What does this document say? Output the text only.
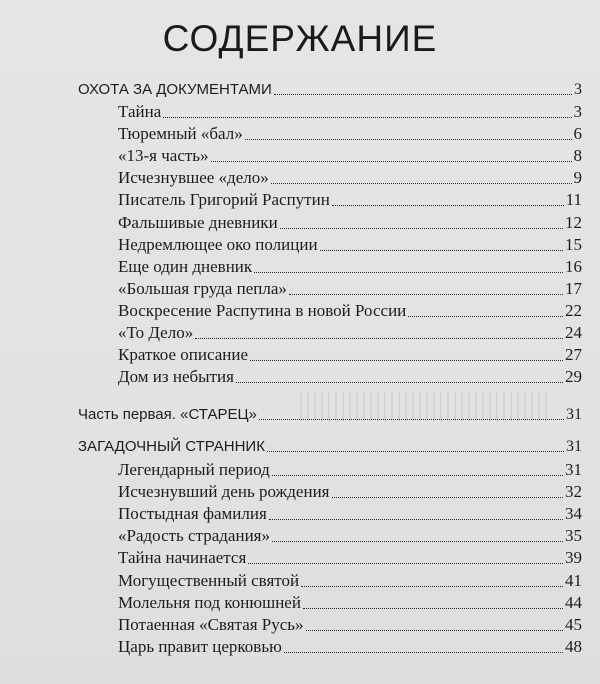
СОДЕРЖАНИЕ
ОХОТА ЗА ДОКУМЕНТАМИ	3
Тайна	3
Тюремный «бал»	6
«13-я часть»	8
Исчезнувшее «дело»	9
Писатель Григорий Распутин	11
Фальшивые дневники	12
Недремлющее око полиции	15
Еще один дневник	16
«Большая груда пепла»	17
Воскресение Распутина в новой России	22
«То Дело»	24
Краткое описание	27
Дом из небытия	29
Часть первая. «СТАРЕЦ»	31
ЗАГАДОЧНЫЙ СТРАННИК	31
Легендарный период	31
Исчезнувший день рождения	32
Постыдная фамилия	34
«Радость страдания»	35
Тайна начинается	39
Могущественный святой	41
Молельня под конюшней	44
Потаенная «Святая Русь»	45
Царь правит церковью	48
